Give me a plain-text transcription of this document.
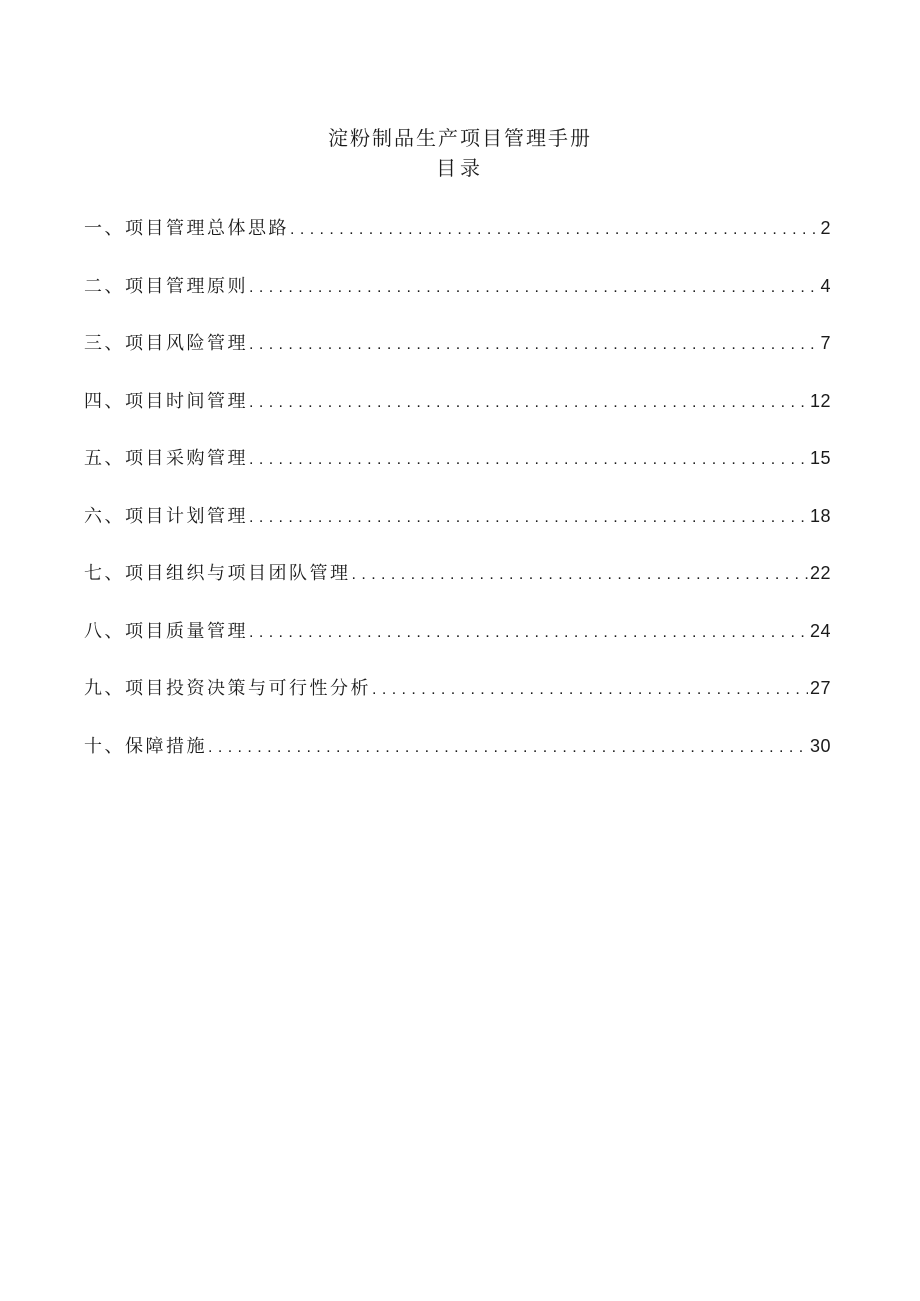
淀粉制品生产项目管理手册
目录
一、项目管理总体思路 .....	2
二、项目管理原则 .....	4
三、项目风险管理 .....	7
四、项目时间管理 .....	12
五、项目采购管理 .....	15
六、项目计划管理 .....	18
七、项目组织与项目团队管理 .....	22
八、项目质量管理 .....	24
九、项目投资决策与可行性分析 .....	27
十、保障措施 .....	30
